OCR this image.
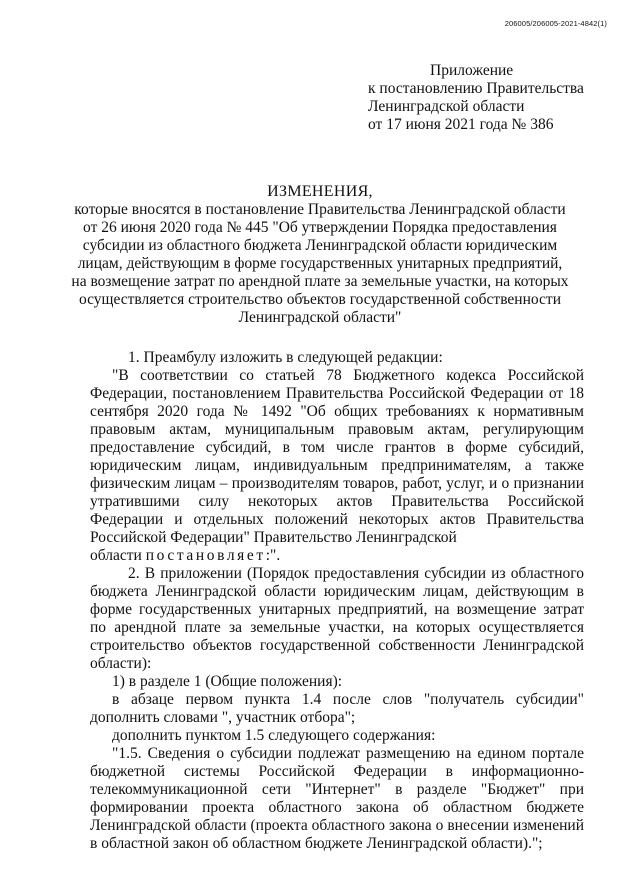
206005/206005-2021-4842(1)
Приложение
к постановлению Правительства
Ленинградской области
от 17 июня 2021 года № 386
ИЗМЕНЕНИЯ,
которые вносятся в постановление Правительства Ленинградской области
от 26 июня 2020 года № 445 "Об утверждении Порядка предоставления
субсидии из областного бюджета Ленинградской области юридическим
лицам, действующим в форме государственных унитарных предприятий,
на возмещение затрат по арендной плате за земельные участки, на которых
осуществляется строительство объектов государственной собственности
Ленинградской области"

1. Преамбулу изложить в следующей редакции:

"В соответствии со статьей 78 Бюджетного кодекса Российской Федерации, постановлением Правительства Российской Федерации от 18 сентября 2020 года № 1492 "Об общих требованиях к нормативным правовым актам, муниципальным правовым актам, регулирующим предоставление субсидий, в том числе грантов в форме субсидий, юридическим лицам, индивидуальным предпринимателям, а также физическим лицам – производителям товаров, работ, услуг, и о признании утратившими силу некоторых актов Правительства Российской Федерации и отдельных положений некоторых актов Правительства Российской Федерации" Правительство Ленинградской

области постановляет:".

2. В приложении (Порядок предоставления субсидии из областного бюджета Ленинградской области юридическим лицам, действующим в форме государственных унитарных предприятий, на возмещение затрат по арендной плате за земельные участки, на которых осуществляется строительство объектов государственной собственности Ленинградской области):

1) в разделе 1 (Общие положения):

в абзаце первом пункта 1.4 после слов "получатель субсидии" дополнить словами ", участник отбора";

дополнить пунктом 1.5 следующего содержания:

"1.5. Сведения о субсидии подлежат размещению на едином портале бюджетной системы Российской Федерации в информационно-телекоммуникационной сети "Интернет" в разделе "Бюджет" при формировании проекта областного закона об областном бюджете Ленинградской области (проекта областного закона о внесении изменений в областной закон об областном бюджете Ленинградской области).";
